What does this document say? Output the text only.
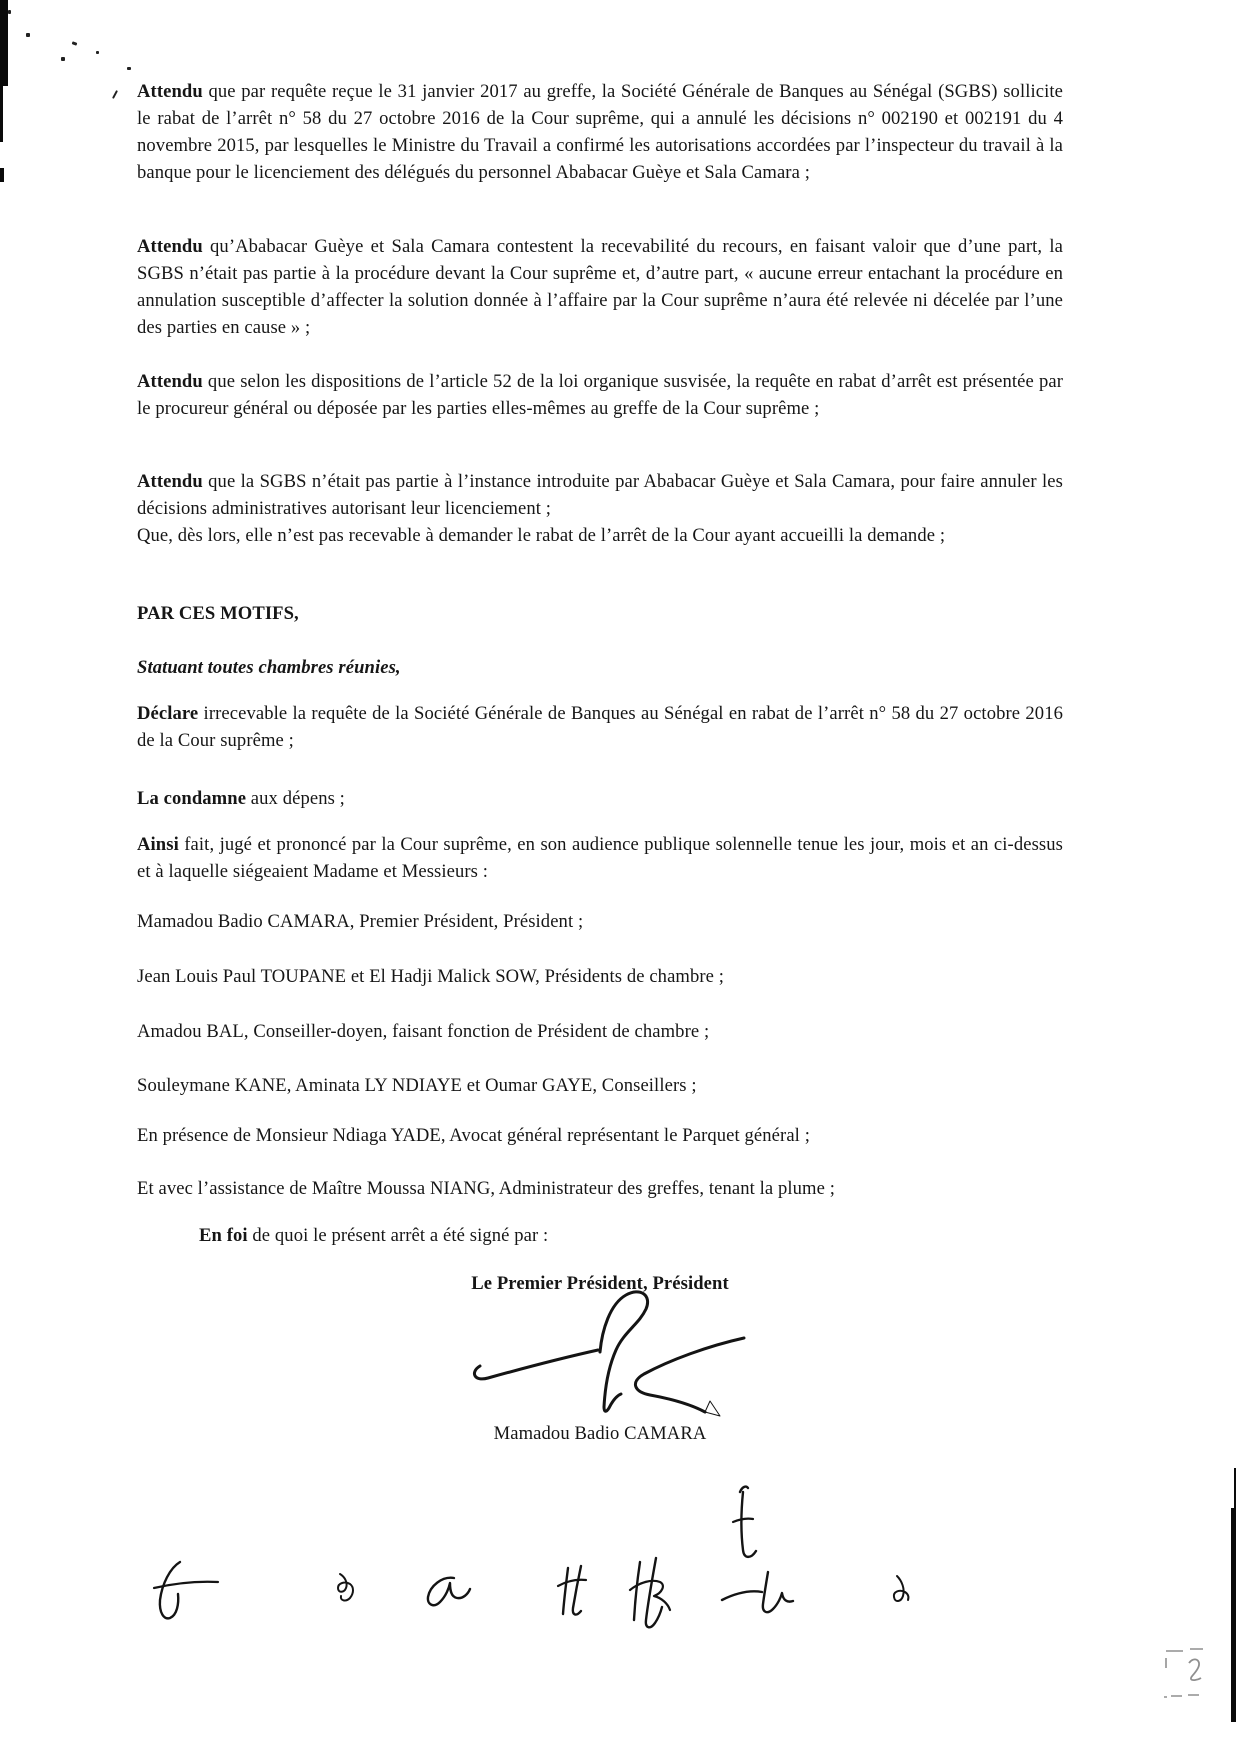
Attendu que par requête reçue le 31 janvier 2017 au greffe, la Société Générale de Banques au Sénégal (SGBS) sollicite le rabat de l’arrêt n° 58 du 27 octobre 2016 de la Cour suprême, qui a annulé les décisions n° 002190 et 002191 du 4 novembre 2015, par lesquelles le Ministre du Travail a confirmé les autorisations accordées par l’inspecteur du travail à la banque pour le licenciement des délégués du personnel Ababacar Guèye et Sala Camara ;

Attendu qu’Ababacar Guèye et Sala Camara contestent la recevabilité du recours, en faisant valoir que d’une part, la SGBS n’était pas partie à la procédure devant la Cour suprême et, d’autre part, « aucune erreur entachant la procédure en annulation susceptible d’affecter la solution donnée à l’affaire par la Cour suprême n’aura été relevée ni décelée par l’une des parties en cause » ;

Attendu que selon les dispositions de l’article 52 de la loi organique susvisée, la requête en rabat d’arrêt est présentée par le procureur général ou déposée par les parties elles-mêmes au greffe de la Cour suprême ;

Attendu que la SGBS n’était pas partie à l’instance introduite par Ababacar Guèye et Sala Camara, pour faire annuler les décisions administratives autorisant leur licenciement ;

Que, dès lors, elle n’est pas recevable à demander le rabat de l’arrêt de la Cour ayant accueilli la demande ;

PAR CES MOTIFS,

Statuant toutes chambres réunies,

Déclare irrecevable la requête de la Société Générale de Banques au Sénégal en rabat de l’arrêt n° 58 du 27 octobre 2016 de la Cour suprême ;

La condamne aux dépens ;

Ainsi fait, jugé et prononcé par la Cour suprême, en son audience publique solennelle tenue les jour, mois et an ci-dessus et à laquelle siégeaient Madame et Messieurs :

Mamadou Badio CAMARA, Premier Président, Président ;

Jean Louis Paul TOUPANE et El Hadji Malick SOW, Présidents de chambre ;

Amadou BAL, Conseiller-doyen, faisant fonction de Président de chambre ;

Souleymane KANE, Aminata LY NDIAYE et Oumar GAYE, Conseillers ;

En présence de Monsieur Ndiaga YADE, Avocat général représentant le Parquet général ;

Et avec l’assistance de Maître Moussa NIANG, Administrateur des greffes, tenant la plume ;

En foi de quoi le présent arrêt a été signé par :

Le Premier Président, Président

Mamadou Badio CAMARA
